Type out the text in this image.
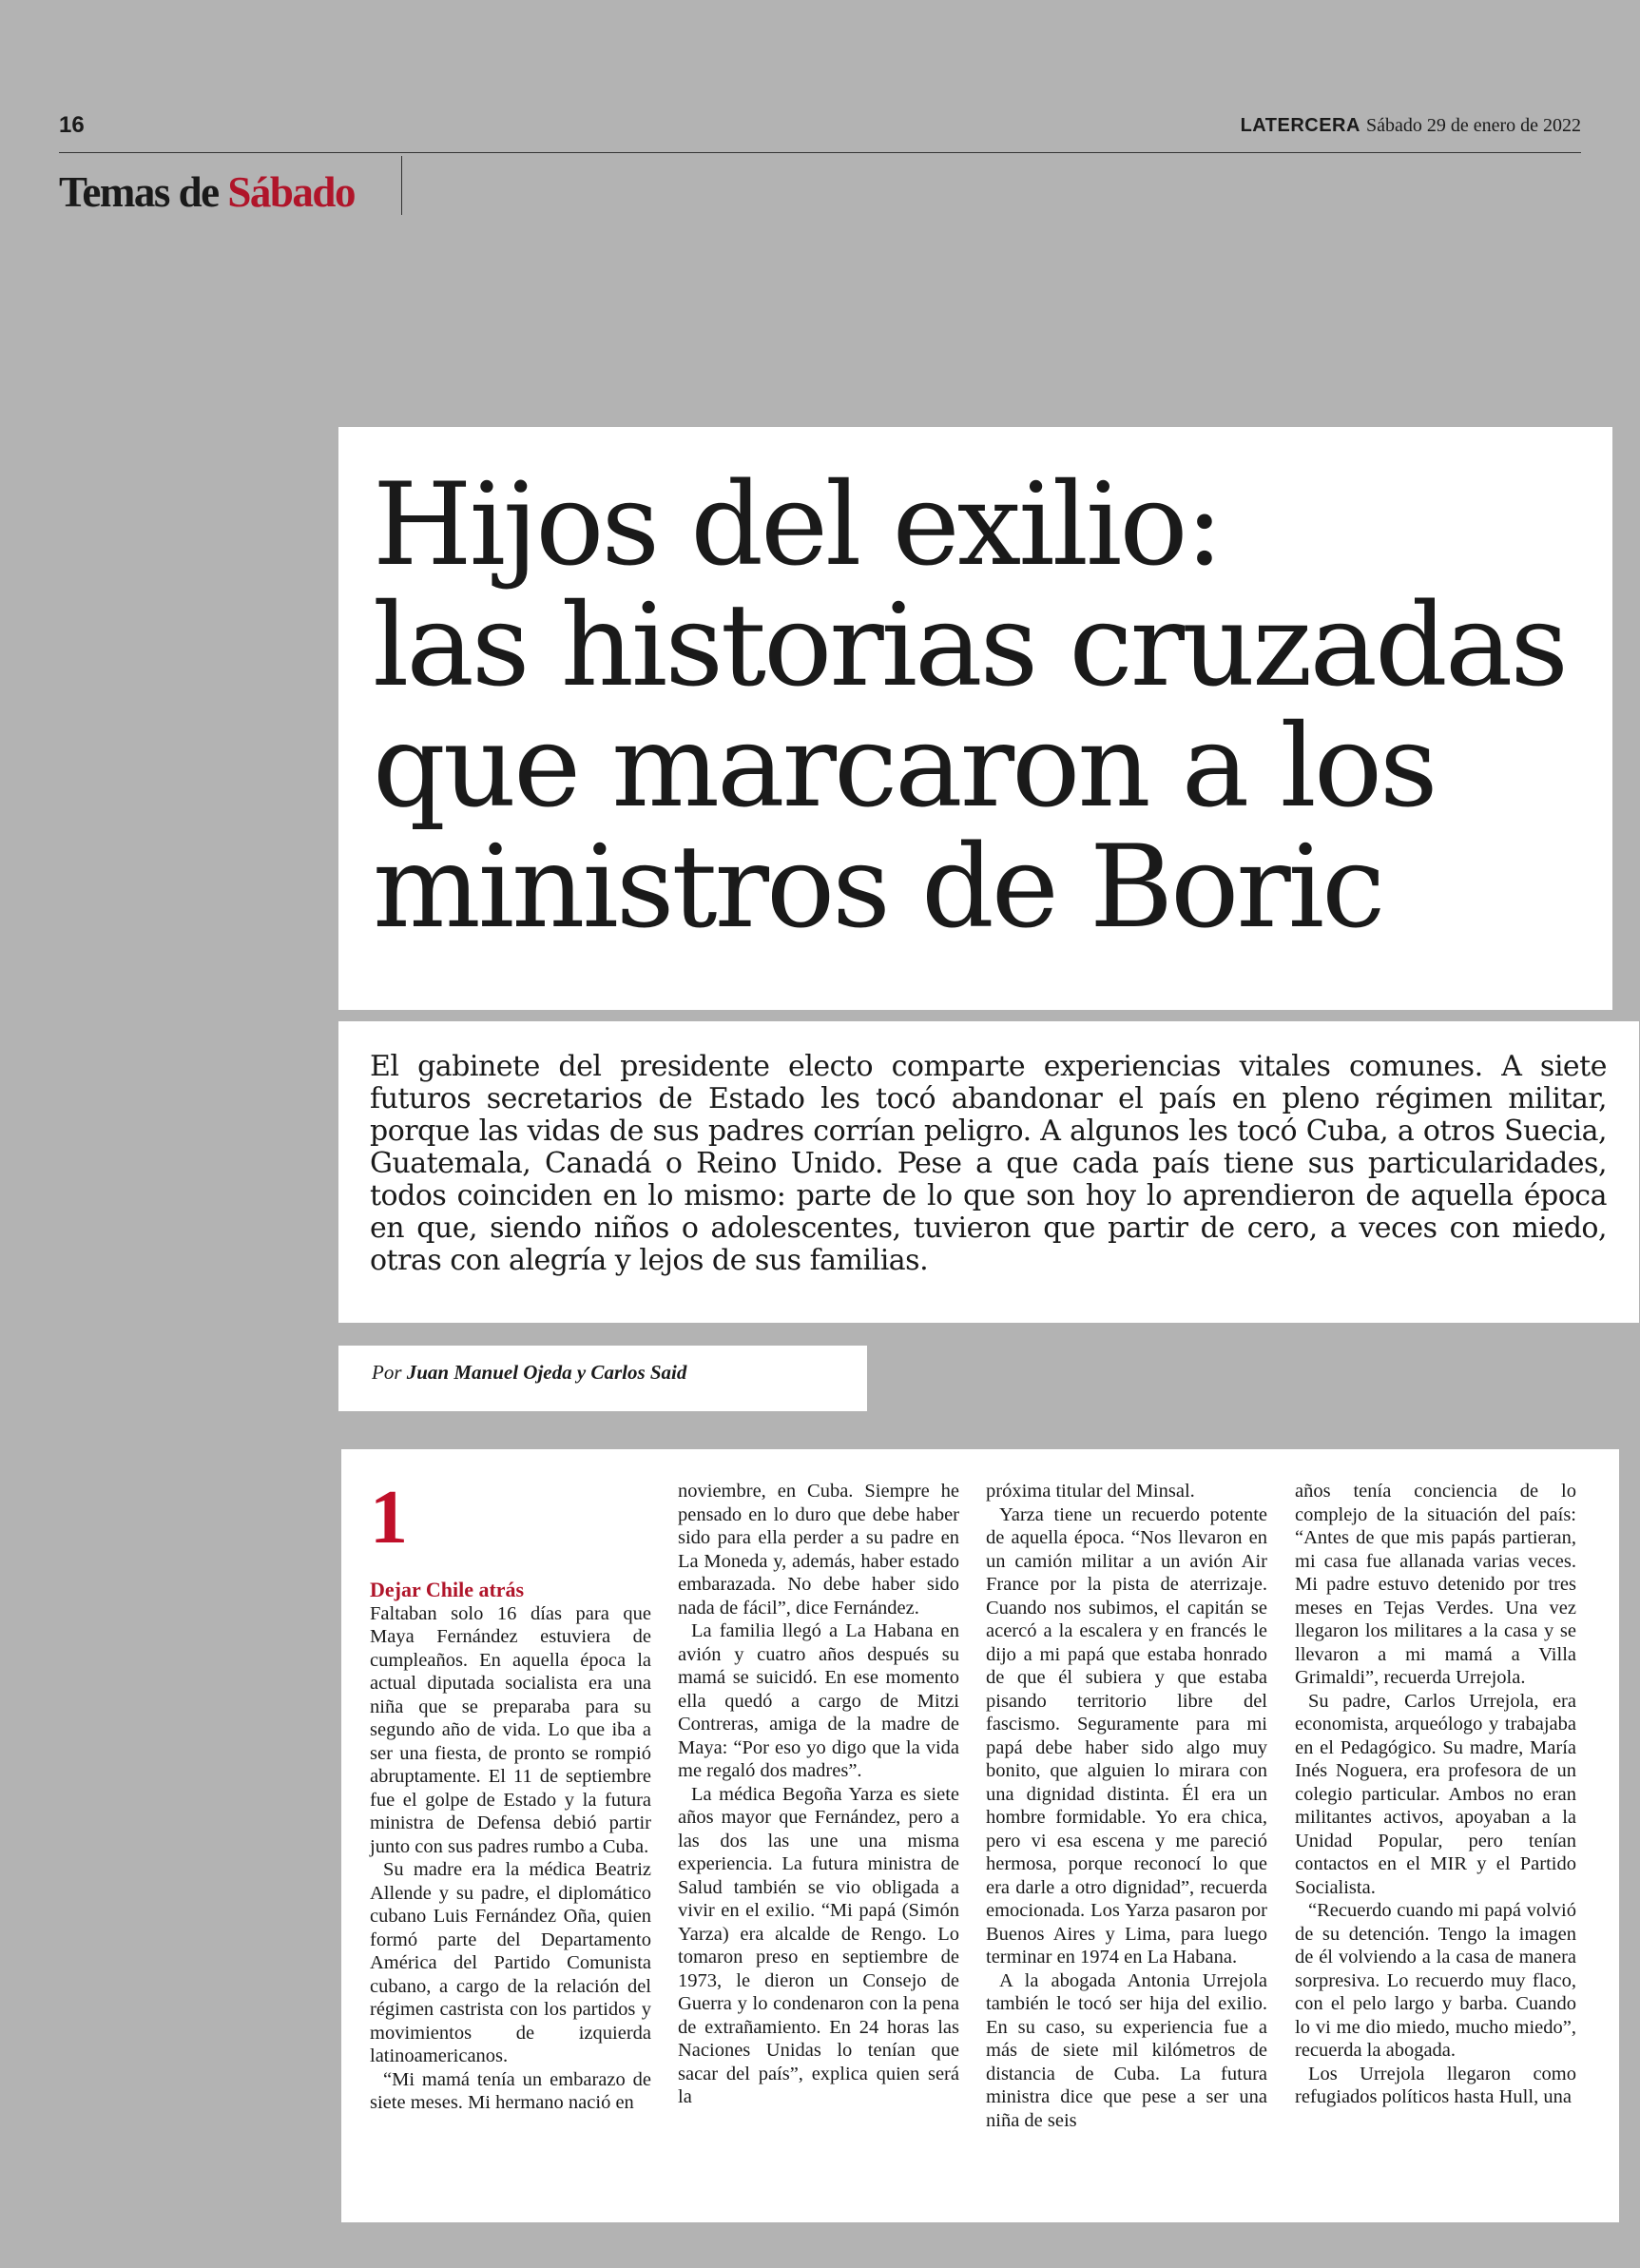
16	LATERCERA Sábado 29 de enero de 2022
Temas de Sábado
Hijos del exilio:
las historias cruzadas
que marcaron a los
ministros de Boric

El gabinete del presidente electo comparte experiencias vitales comunes. A siete futuros secretarios de Estado les tocó abandonar el país en pleno régimen militar, porque las vidas de sus padres corrían peligro. A algunos les tocó Cuba, a otros Suecia, Guatemala, Canadá o Reino Unido. Pese a que cada país tiene sus particularidades, todos coinciden en lo mismo: parte de lo que son hoy lo aprendieron de aquella época en que, siendo niños o adolescentes, tuvieron que partir de cero, a veces con miedo, otras con alegría y lejos de sus familias.

Por Juan Manuel Ojeda y Carlos Said
1
Dejar Chile atrás

Faltaban solo 16 días para que Maya Fernández estuviera de cumpleaños. En aquella época la actual diputada socialista era una niña que se preparaba para su segundo año de vida. Lo que iba a ser una fiesta, de pronto se rompió abruptamente. El 11 de septiembre fue el golpe de Estado y la futura ministra de Defensa debió partir junto con sus padres rumbo a Cuba.

Su madre era la médica Beatriz Allende y su padre, el diplomático cubano Luis Fernández Oña, quien formó parte del Departamento América del Partido Comunista cubano, a cargo de la relación del régimen castrista con los partidos y movimientos de izquierda latinoamericanos.

“Mi mamá tenía un embarazo de siete meses. Mi hermano nació en

noviembre, en Cuba. Siempre he pensado en lo duro que debe haber sido para ella perder a su padre en La Moneda y, además, haber estado embarazada. No debe haber sido nada de fácil”, dice Fernández.

La familia llegó a La Habana en avión y cuatro años después su mamá se suicidó. En ese momento ella quedó a cargo de Mitzi Contreras, amiga de la madre de Maya: “Por eso yo digo que la vida me regaló dos madres”.

La médica Begoña Yarza es siete años mayor que Fernández, pero a las dos las une una misma experiencia. La futura ministra de Salud también se vio obligada a vivir en el exilio. “Mi papá (Simón Yarza) era alcalde de Rengo. Lo tomaron preso en septiembre de 1973, le dieron un Consejo de Guerra y lo condenaron con la pena de extrañamiento. En 24 horas las Naciones Unidas lo tenían que sacar del país”, explica quien será la

próxima titular del Minsal.

Yarza tiene un recuerdo potente de aquella época. “Nos llevaron en un camión militar a un avión Air France por la pista de aterrizaje. Cuando nos subimos, el capitán se acercó a la escalera y en francés le dijo a mi papá que estaba honrado de que él subiera y que estaba pisando territorio libre del fascismo. Seguramente para mi papá debe haber sido algo muy bonito, que alguien lo mirara con una dignidad distinta. Él era un hombre formidable. Yo era chica, pero vi esa escena y me pareció hermosa, porque reconocí lo que era darle a otro dignidad”, recuerda emocionada. Los Yarza pasaron por Buenos Aires y Lima, para luego terminar en 1974 en La Habana.

A la abogada Antonia Urrejola también le tocó ser hija del exilio. En su caso, su experiencia fue a más de siete mil kilómetros de distancia de Cuba. La futura ministra dice que pese a ser una niña de seis

años tenía conciencia de lo complejo de la situación del país: “Antes de que mis papás partieran, mi casa fue allanada varias veces. Mi padre estuvo detenido por tres meses en Tejas Verdes. Una vez llegaron los militares a la casa y se llevaron a mi mamá a Villa Grimaldi”, recuerda Urrejola.

Su padre, Carlos Urrejola, era economista, arqueólogo y trabajaba en el Pedagógico. Su madre, María Inés Noguera, era profesora de un colegio particular. Ambos no eran militantes activos, apoyaban a la Unidad Popular, pero tenían contactos en el MIR y el Partido Socialista.

“Recuerdo cuando mi papá volvió de su detención. Tengo la imagen de él volviendo a la casa de manera sorpresiva. Lo recuerdo muy flaco, con el pelo largo y barba. Cuando lo vi me dio miedo, mucho miedo”, recuerda la abogada.

Los Urrejola llegaron como refugiados políticos hasta Hull, una
